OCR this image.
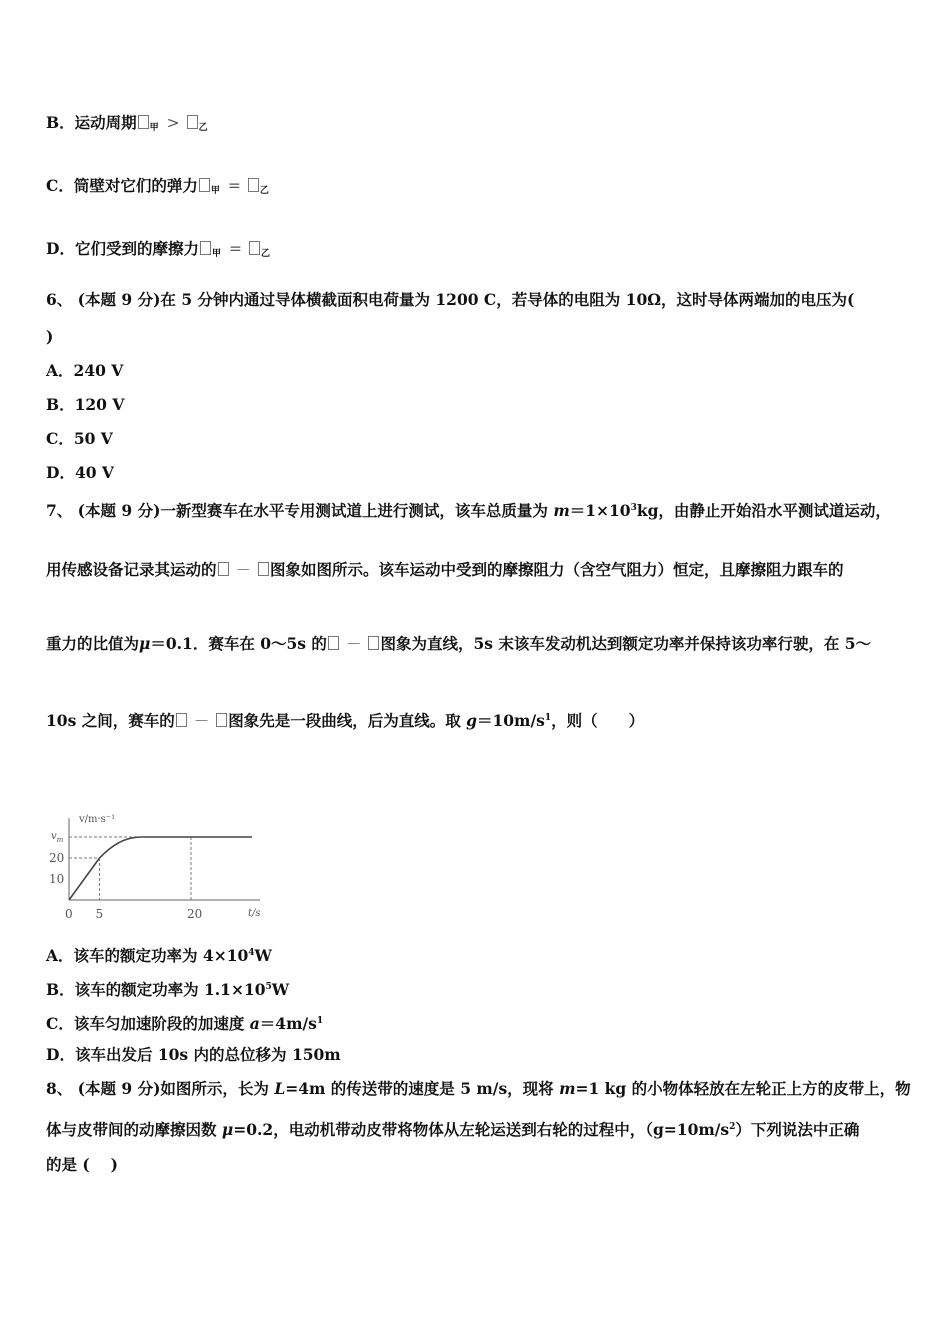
B．运动周期 $_甲$ > $_乙$
C．筒壁对它们的弹力 $_甲$ = $_乙$
D．它们受到的摩擦力 $_甲$ = $_乙$
6、 (本题 9 分)在 5 分钟内通过导体横截面积电荷量为 1200 C，若导体的电阻为 10Ω，这时导体两端加的电压为(
)
A．240 V
B．120 V
C．50 V
D．40 V
7、 (本题 9 分)一新型赛车在水平专用测试道上进行测试，该车总质量为 $m=1\times 10^3kg$，由静止开始沿水平测试道运动，
用传感设备记录其运动的 － 图象如图所示。该车运动中受到的摩擦阻力（含空气阻力）恒定，且摩擦阻力跟车的
重力的比值为μ＝0.1．赛车在 0～5s 的 － 图象为直线，5s 末该车发动机达到额定功率并保持该功率行驶，在 5～
10s 之间，赛车的 － 图象先是一段曲线，后为直线。取 $g=10m/s^1$，则（　　）
v/m·s⁻¹
t/s
10
20
0 5	20
$v_m$
A．该车的额定功率为 $4\times 10^4W$
B．该车的额定功率为 $1.1\times 10^5W$
C．该车匀加速阶段的加速度 $a=4m/s^1$
D．该车出发后 10s 内的总位移为 150m
8、 (本题 9 分)如图所示，长为 L=4m 的传送带的速度是 5 m/s，现将 m=1 kg 的小物体轻放在左轮正上方的皮带上，物
体与皮带间的动摩擦因数 μ=0.2，电动机带动皮带将物体从左轮运送到右轮的过程中，$(g=10m/s^2)$下列说法中正确
的是 (　 )
